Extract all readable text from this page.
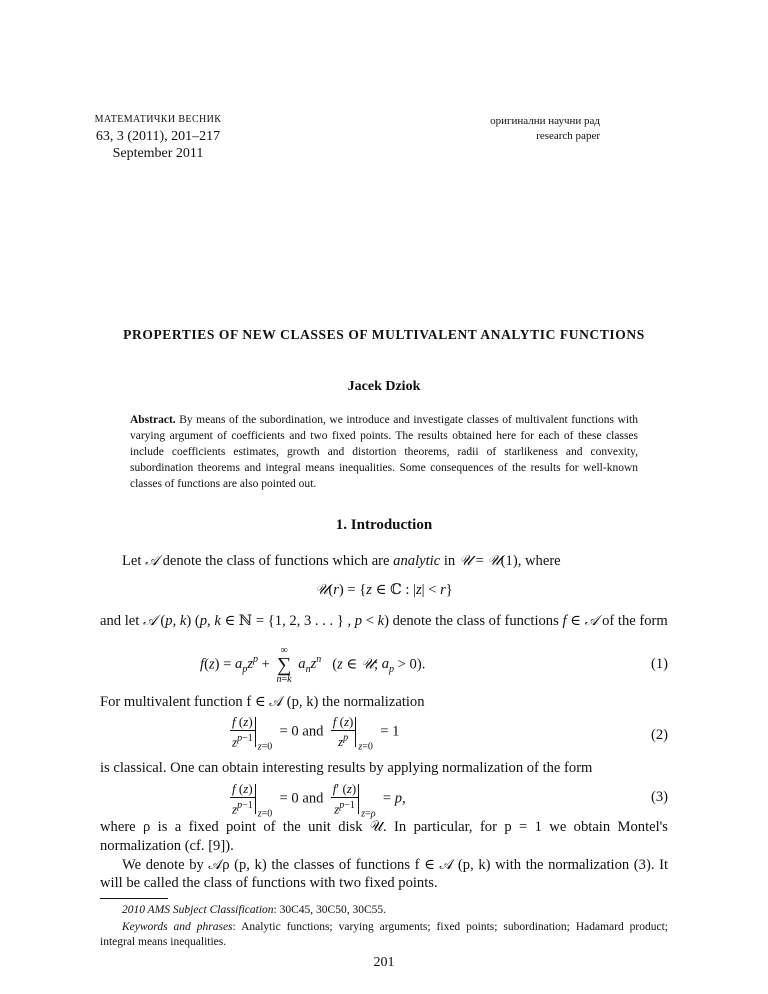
МАТЕМАТИЧКИ ВЕСНИК
63, 3 (2011), 201–217
September 2011
оригинални научни рад
research paper
PROPERTIES OF NEW CLASSES OF MULTIVALENT ANALYTIC FUNCTIONS
Jacek Dziok
Abstract. By means of the subordination, we introduce and investigate classes of multivalent functions with varying argument of coefficients and two fixed points. The results obtained here for each of these classes include coefficients estimates, growth and distortion theorems, radii of starlikeness and convexity, subordination theorems and integral means inequalities. Some consequences of the results for well-known classes of functions are also pointed out.
1. Introduction
Let 𝒜 denote the class of functions which are analytic in 𝒰 = 𝒰(1), where
𝒰(r) = {z ∈ ℂ : |z| < r}
and let 𝒜 (p, k) (p, k ∈ ℕ = {1, 2, 3 . . . } , p < k) denote the class of functions f ∈ 𝒜 of the form
$f(z) = a_pz^p$ + ∞
∑
n=k $a_nz^n$   (z ∈ 𝒰; $a_p > 0$).	(1)
For multivalent function f ∈ 𝒜 (p, k) the normalization
$\frac{f (z)}{z^{p-1}} _{z=0} = 0$ and $\frac{f (z)}{z^p} _{z=0} = 1$	(2)
is classical. One can obtain interesting results by applying normalization of the form
$\frac{f (z)}{z^{p-1}} _{z=0} = 0$ and $\frac{f' (z)}{z^{p-1}} _{z=\rho} = p$,	(3)
where ρ is a fixed point of the unit disk 𝒰. In particular, for p = 1 we obtain Montel's normalization (cf. [9]).
We denote by 𝒜ρ (p, k) the classes of functions f ∈ 𝒜 (p, k) with the normalization (3). It will be called the class of functions with two fixed points.
2010 AMS Subject Classification: 30C45, 30C50, 30C55.
Keywords and phrases: Analytic functions; varying arguments; fixed points; subordination; Hadamard product; integral means inequalities.
201
